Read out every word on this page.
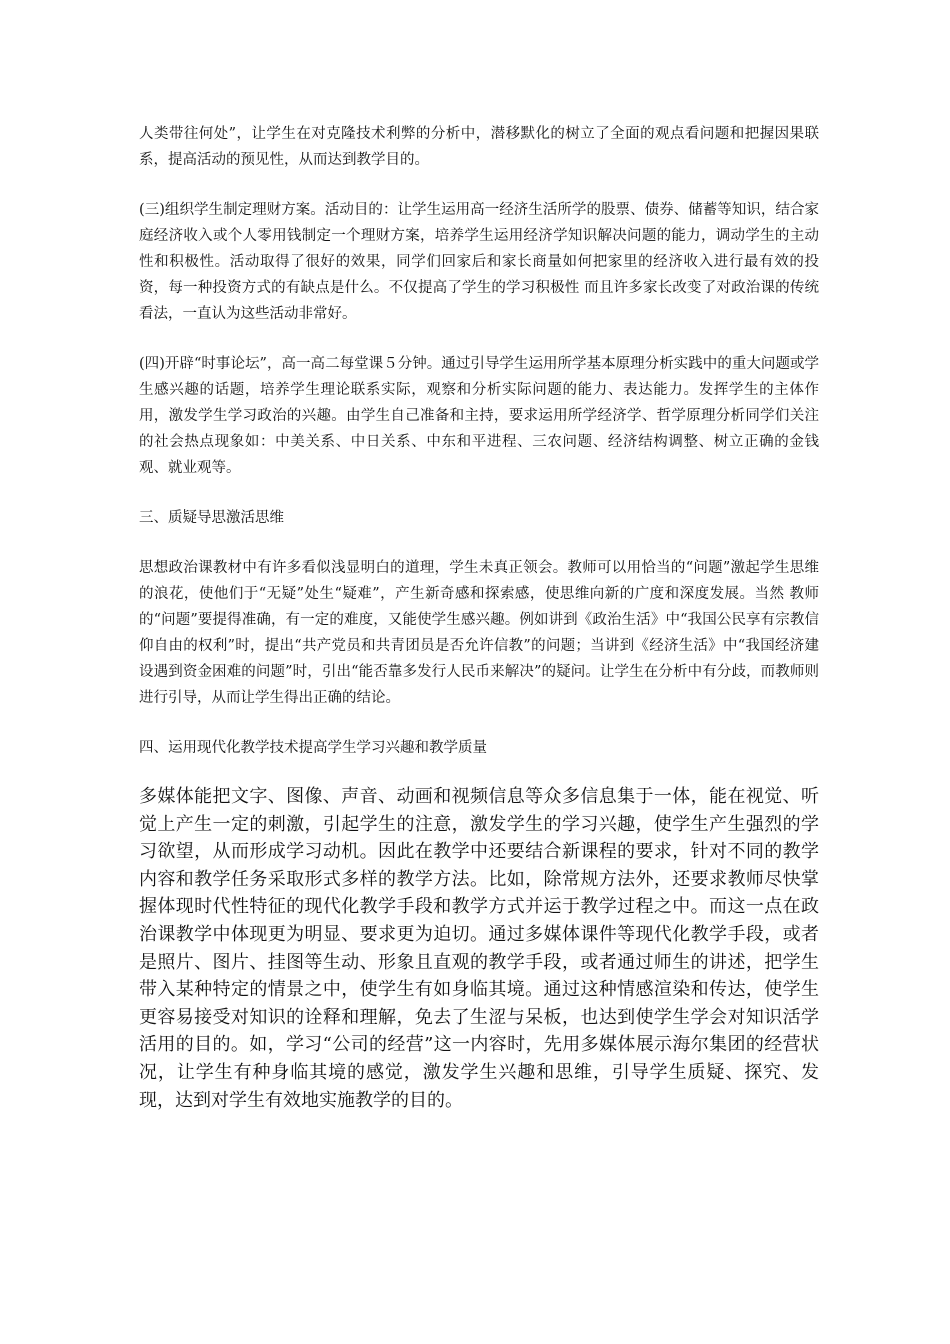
人类带往何处”，让学生在对克隆技术利弊的分析中，潜移默化的树立了全面的观点看问题和把握因果联系，提高活动的预见性，从而达到教学目的。

(三)组织学生制定理财方案。活动目的：让学生运用高一经济生活所学的股票、债券、储蓄等知识，结合家庭经济收入或个人零用钱制定一个理财方案，培养学生运用经济学知识解决问题的能力，调动学生的主动性和积极性。活动取得了很好的效果，同学们回家后和家长商量如何把家里的经济收入进行最有效的投资，每一种投资方式的有缺点是什么。不仅提高了学生的学习积极性 而且许多家长改变了对政治课的传统看法，一直认为这些活动非常好。

(四)开辟“时事论坛”，高一高二每堂课５分钟。通过引导学生运用所学基本原理分析实践中的重大问题或学生感兴趣的话题，培养学生理论联系实际，观察和分析实际问题的能力、表达能力。发挥学生的主体作用，激发学生学习政治的兴趣。由学生自己准备和主持，要求运用所学经济学、哲学原理分析同学们关注的社会热点现象如：中美关系、中日关系、中东和平进程、三农问题、经济结构调整、树立正确的金钱观、就业观等。

三、质疑导思激活思维

思想政治课教材中有许多看似浅显明白的道理，学生未真正领会。教师可以用恰当的“问题”激起学生思维的浪花，使他们于“无疑”处生“疑难”，产生新奇感和探索感，使思维向新的广度和深度发展。当然 教师的“问题”要提得准确，有一定的难度，又能使学生感兴趣。例如讲到《政治生活》中“我国公民享有宗教信仰自由的权利”时，提出“共产党员和共青团员是否允许信教”的问题；当讲到《经济生活》中“我国经济建设遇到资金困难的问题”时，引出“能否靠多发行人民币来解决”的疑问。让学生在分析中有分歧，而教师则进行引导，从而让学生得出正确的结论。

四、运用现代化教学技术提高学生学习兴趣和教学质量

多媒体能把文字、图像、声音、动画和视频信息等众多信息集于一体，能在视觉、听觉上产生一定的刺激，引起学生的注意，激发学生的学习兴趣，使学生产生强烈的学习欲望，从而形成学习动机。因此在教学中还要结合新课程的要求，针对不同的教学内容和教学任务采取形式多样的教学方法。比如，除常规方法外，还要求教师尽快掌握体现时代性特征的现代化教学手段和教学方式并运于教学过程之中。而这一点在政治课教学中体现更为明显、要求更为迫切。通过多媒体课件等现代化教学手段，或者是照片、图片、挂图等生动、形象且直观的教学手段，或者通过师生的讲述，把学生带入某种特定的情景之中，使学生有如身临其境。通过这种情感渲染和传达，使学生更容易接受对知识的诠释和理解，免去了生涩与呆板，也达到使学生学会对知识活学活用的目的。如，学习“公司的经营”这一内容时，先用多媒体展示海尔集团的经营状况，让学生有种身临其境的感觉，激发学生兴趣和思维，引导学生质疑、探究、发现，达到对学生有效地实施教学的目的。
